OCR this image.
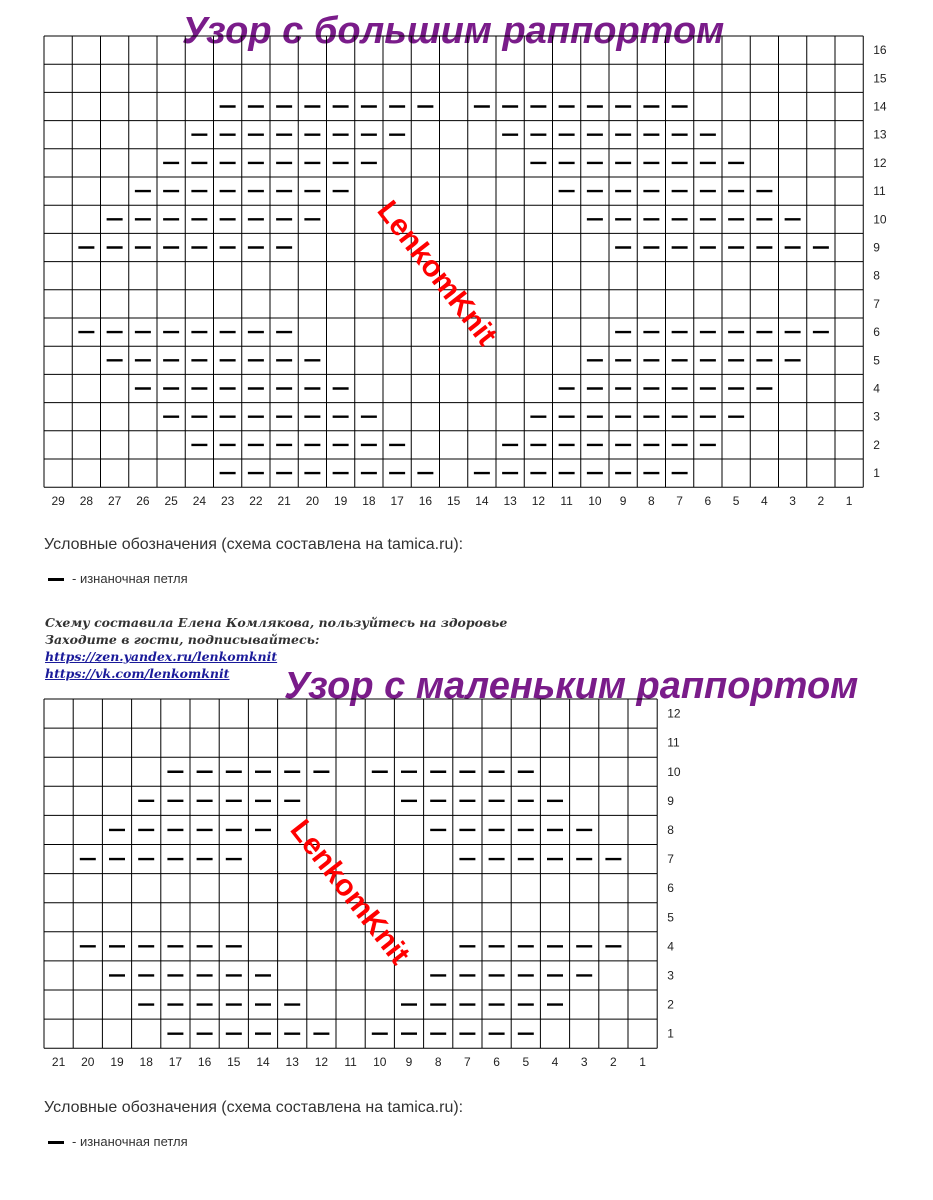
Узор с большим раппортом
29 28 27 26 25 24 23 22 21 20 19 18 17 16 15 14 13 12 11 10 9 8 7 6 5 4 3 2 1
16
15
14
13
12
11
10
9
8
7
6
5
4
3
2
1
LenkomKnit
Условные обозначения (схема составлена на tamica.ru):
- изнаночная петля
Схему составила Елена Комлякова, пользуйтесь на здоровье
Заходите в гости, подписывайтесь:
https://zen.yandex.ru/lenkomknit
https://vk.com/lenkomknit	Узор с маленьким раппортом
21 20 19 18 17 16 15 14 13 12 11 10 9 8 7 6 5 4 3 2 1
12
11
10
9
8
7
6
5
4
3
2
1
LenkomKnit
Условные обозначения (схема составлена на tamica.ru):
- изнаночная петля
